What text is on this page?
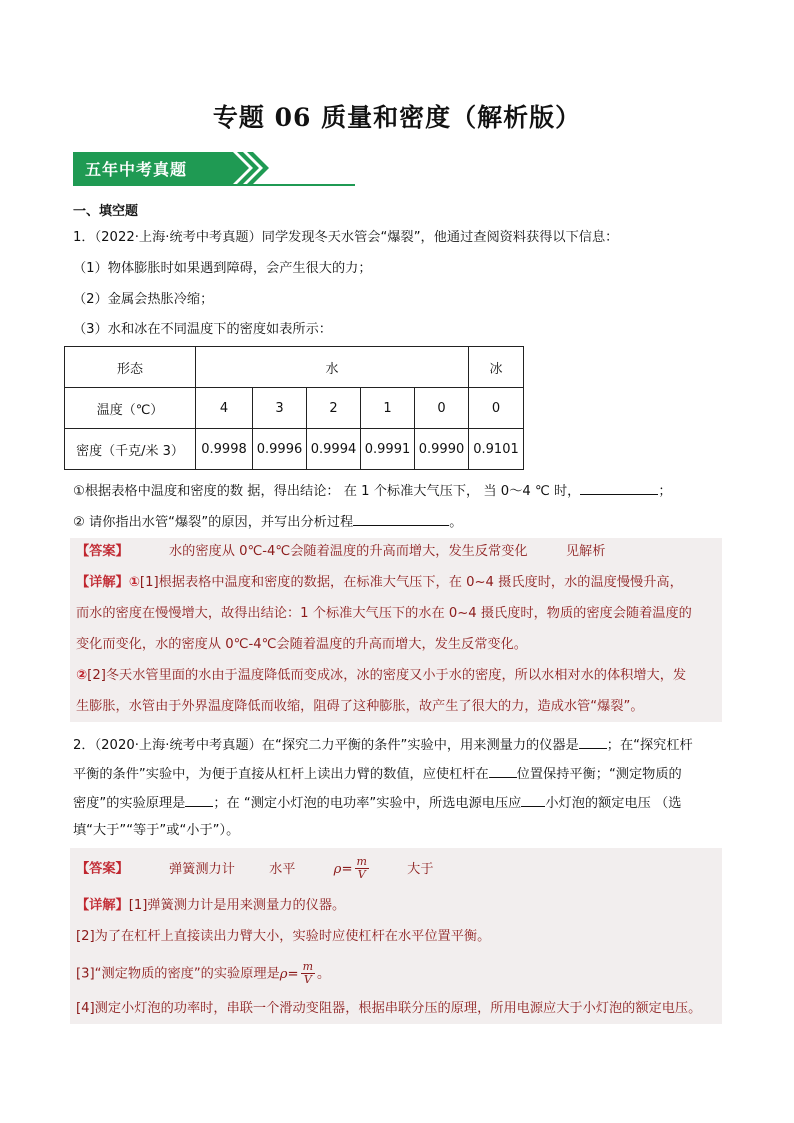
专题 06 质量和密度（解析版）
五年中考真题
一、填空题
1．（2022·上海·统考中考真题）同学发现冬天水管会“爆裂”，他通过查阅资料获得以下信息：
（1）物体膨胀时如果遇到障碍，会产生很大的力；
（2）金属会热胀冷缩；
（3）水和冰在不同温度下的密度如表所示：
形态	水					冰
温度（℃）	4	3	2	1	0	0
密度（千克/米 3）	0.9998	0.9996	0.9994	0.9991	0.9990	0.9101
①根据表格中温度和密度的数 据，得出结论： 在 1 个标准大气压下， 当 0～4 ℃ 时，	；
② 请你指出水管“爆裂”的原因，并写出分析过程	。
【答案】	水的密度从 0℃-4℃会随着温度的升高而增大，发生反常变化	见解析
【详解】①[1]根据表格中温度和密度的数据，在标准大气压下，在 0~4 摄氏度时，水的温度慢慢升高，
而水的密度在慢慢增大，故得出结论：1 个标准大气压下的水在 0~4 摄氏度时，物质的密度会随着温度的
变化而变化，水的密度从 0℃-4℃会随着温度的升高而增大，发生反常变化。
②[2]冬天水管里面的水由于温度降低而变成冰，冰的密度又小于水的密度，所以水相对水的体积增大，发
生膨胀，水管由于外界温度降低而收缩，阻碍了这种膨胀，故产生了很大的力，造成水管“爆裂”。
2．（2020·上海·统考中考真题）在“探究二力平衡的条件”实验中，用来测量力的仪器是 ；在“探究杠杆
平衡的条件”实验中，为便于直接从杠杆上读出力臂的数值，应使杠杆在 位置保持平衡；“测定物质的
密度”的实验原理是 ；在 “测定小灯泡的电功率”实验中，所选电源电压应 小灯泡的额定电压 （选
填“大于”“等于”或“小于”）。
【答案】	弹簧测力计	水平	$\rho= \frac{m}{V}$	大于
【详解】[1]弹簧测力计是用来测量力的仪器。
[2]为了在杠杆上直接读出力臂大小，实验时应使杠杆在水平位置平衡。
[3]“测定物质的密度”的实验原理是$\rho= \frac{m}{V}$ 。
[4]测定小灯泡的功率时，串联一个滑动变阻器，根据串联分压的原理，所用电源应大于小灯泡的额定电压。
